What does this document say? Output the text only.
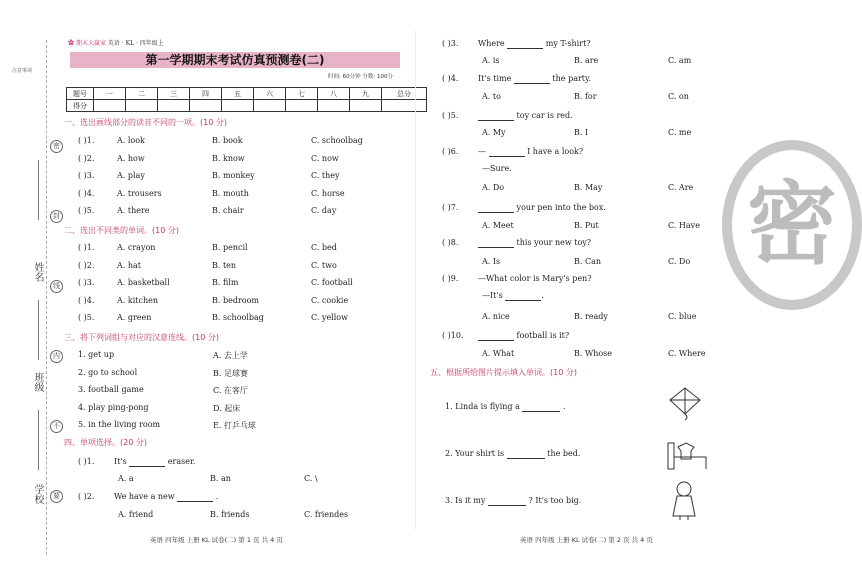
注意事项
姓名
班级
学校
密
封
线
内
不
要
✿ 期末大赢家 英语 · KL · 四年级上
第一学期期末考试仿真预测卷(二)
时间: 60分钟 分数: 100分
题号	一	二	三	四	五	六	七	八	九	总分
得分										
一、选出画线部分的读音不同的一项。(10 分)
二、选出不同类的单词。(10 分)
三、将下列词组与对应的汉意连线。(10 分)
四、单项选择。(20 分)
五、根据所给图片提示填入单词。(10 分)
密
英语 四年级 上册 KL 试卷(二) 第 1 页 共 4 页	英语 四年级 上册 KL 试卷(二) 第 2 页 共 4 页
( )1.	A. look	B. book	C. schoolbag
( )2.	A. how	B. know	C. now
( )3.	A. play	B. monkey	C. they
( )4.	A. trousers	B. mouth	C. horse
( )5.	A. there	B. chair	C. day
( )1.	A. crayon	B. pencil	C. bed
( )2.	A. hat	B. ten	C. two
( )3.	A. basketball	B. film	C. football
( )4.	A. kitchen	B. bedroom	C. cookie
( )5.	A. green	B. schoolbag	C. yellow
1. get up	A. 去上学
2. go to school	B. 足球赛
3. football game	C. 在客厅
4. play ping-pong	D. 起床
5. in the living room	E. 打乒乓球
( )1. It's	eraser.
A. a	B. an	C. \
( )2. We have a new	.
A. friend	B. friends	C. friendes
( )3. Where	my T-shirt?
A. is	B. are	C. am
( )4. It's time	the party.
A. to	B. for	C. on
( )5.	toy car is red.
A. My	B. I	C. me
( )6. —	I have a look?
—Sure.
A. Do	B. May	C. Are
( )7.	your pen into the box.
A. Meet	B. Put	C. Have
( )8.	this your new toy?
A. Is	B. Can	C. Do
( )9. —What color is Mary's pen?
—It's	.
A. nice	B. ready	C. blue
( )10.	football is it?
A. What	B. Whose	C. Where
1. Linda is flying a	.
2. Your shirt is	the bed.
3. Is it my	? It's too big.
